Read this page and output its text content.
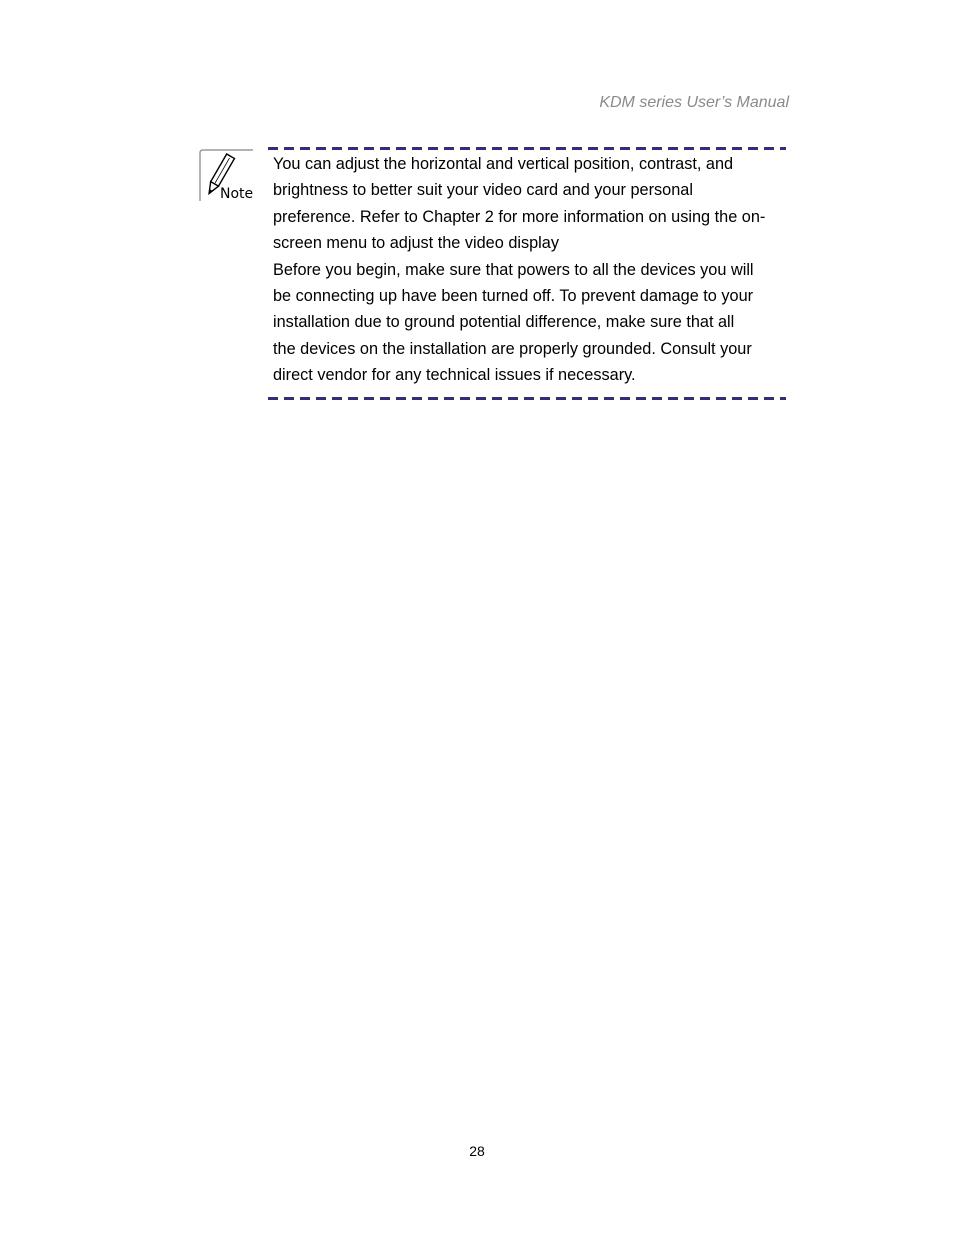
KDM series User’s Manual
Note

You can adjust the horizontal and vertical position, contrast, and
brightness to better suit your video card and your personal
preference. Refer to Chapter 2 for more information on using the on-
screen menu to adjust the video display

Before you begin, make sure that powers to all the devices you will
be connecting up have been turned off. To prevent damage to your
installation due to ground potential difference, make sure that all
the devices on the installation are properly grounded. Consult your
direct vendor for any technical issues if necessary.

28
